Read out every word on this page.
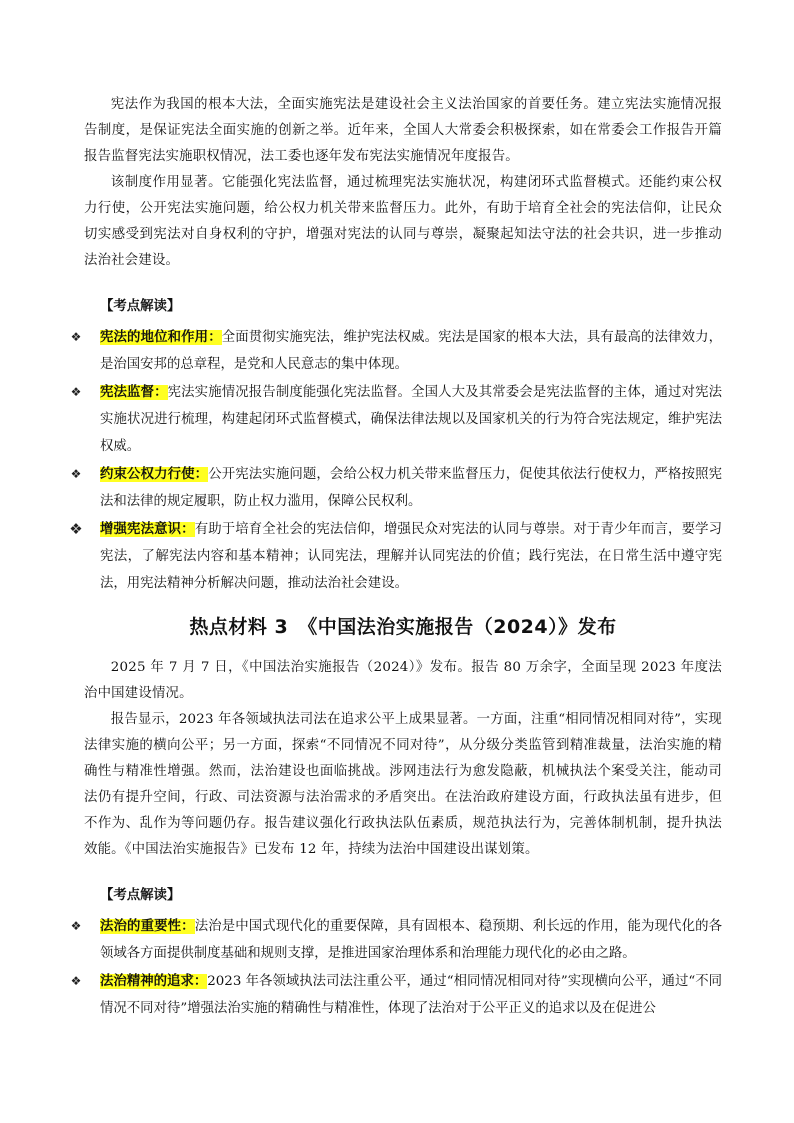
宪法作为我国的根本大法，全面实施宪法是建设社会主义法治国家的首要任务。建立宪法实施情况报告制度，是保证宪法全面实施的创新之举。近年来，全国人大常委会积极探索，如在常委会工作报告开篇报告监督宪法实施职权情况，法工委也逐年发布宪法实施情况年度报告。

该制度作用显著。它能强化宪法监督，通过梳理宪法实施状况，构建闭环式监督模式。还能约束公权力行使，公开宪法实施问题，给公权力机关带来监督压力。此外，有助于培育全社会的宪法信仰，让民众切实感受到宪法对自身权利的守护，增强对宪法的认同与尊崇，凝聚起知法守法的社会共识，进一步推动法治社会建设。

【考点解读】
❖ 宪法的地位和作用：全面贯彻实施宪法，维护宪法权威。宪法是国家的根本大法，具有最高的法律效力，是治国安邦的总章程，是党和人民意志的集中体现。
❖ 宪法监督：宪法实施情况报告制度能强化宪法监督。全国人大及其常委会是宪法监督的主体，通过对宪法实施状况进行梳理，构建起闭环式监督模式，确保法律法规以及国家机关的行为符合宪法规定，维护宪法权威。
❖ 约束公权力行使：公开宪法实施问题，会给公权力机关带来监督压力，促使其依法行使权力，严格按照宪法和法律的规定履职，防止权力滥用，保障公民权利。
❖ 增强宪法意识：有助于培育全社会的宪法信仰，增强民众对宪法的认同与尊崇。对于青少年而言，要学习宪法，了解宪法内容和基本精神；认同宪法，理解并认同宪法的价值；践行宪法，在日常生活中遵守宪法，用宪法精神分析解决问题，推动法治社会建设。
热点材料 3　《中国法治实施报告（2024）》发布

2025 年 7 月 7 日，《中国法治实施报告（2024）》发布。报告 80 万余字，全面呈现 2023 年度法治中国建设情况。

报告显示，2023 年各领域执法司法在追求公平上成果显著。一方面，注重“相同情况相同对待”，实现法律实施的横向公平；另一方面，探索“不同情况不同对待”，从分级分类监管到精准裁量，法治实施的精确性与精准性增强。然而，法治建设也面临挑战。涉网违法行为愈发隐蔽，机械执法个案受关注，能动司法仍有提升空间，行政、司法资源与法治需求的矛盾突出。在法治政府建设方面，行政执法虽有进步，但不作为、乱作为等问题仍存。报告建议强化行政执法队伍素质，规范执法行为，完善体制机制，提升执法效能。《中国法治实施报告》已发布 12 年，持续为法治中国建设出谋划策。

【考点解读】
❖ 法治的重要性：法治是中国式现代化的重要保障，具有固根本、稳预期、利长远的作用，能为现代化的各领域各方面提供制度基础和规则支撑，是推进国家治理体系和治理能力现代化的必由之路。
❖ 法治精神的追求：2023 年各领域执法司法注重公平，通过“相同情况相同对待”实现横向公平，通过“不同情况不同对待”增强法治实施的精确性与精准性，体现了法治对于公平正义的追求以及在促进公
